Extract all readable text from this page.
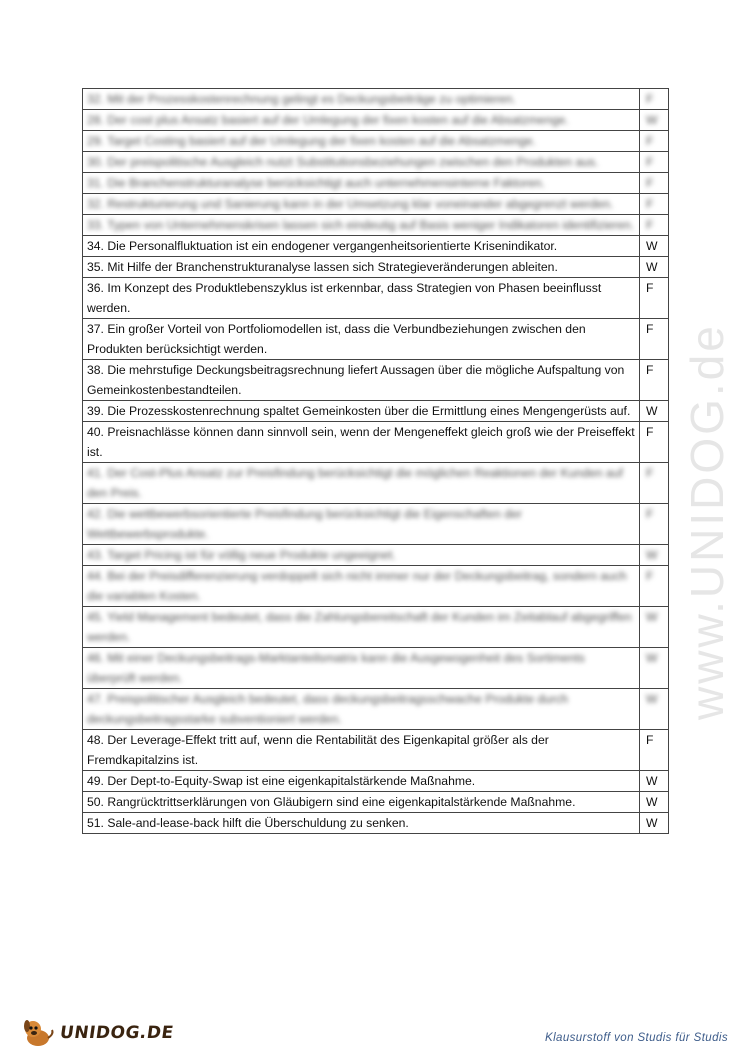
www.UNIDOG.de
32. Mit der Prozesskostenrechnung gelingt es Deckungsbeiträge zu optimieren.	F
28. Der cost plus Ansatz basiert auf der Umlegung der fixen kosten auf die Absatzmenge.	W
29. Target Costing basiert auf der Umlegung der fixen kosten auf die Absatzmenge.	F
30. Der preispolitische Ausgleich nutzt Substitutionsbeziehungen zwischen den Produkten aus.	F
31. Die Branchenstrukturanalyse berücksichtigt auch unternehmensinterne Faktoren.	F
32. Restrukturierung und Sanierung kann in der Umsetzung klar voneinander abgegrenzt werden.	F
33. Typen von Unternehmenskrisen lassen sich eindeutig auf Basis weniger Indikatoren identifizieren.	F
34. Die Personalfluktuation ist ein endogener vergangenheitsorientierte Krisenindikator.	W
35. Mit Hilfe der Branchenstrukturanalyse lassen sich Strategieveränderungen ableiten.	W
36. Im Konzept des Produktlebenszyklus ist erkennbar, dass Strategien von Phasen beeinflusst werden.	F
37. Ein großer Vorteil von Portfoliomodellen ist, dass die Verbundbeziehungen zwischen den Produkten berücksichtigt werden.	F
38. Die mehrstufige Deckungsbeitragsrechnung liefert Aussagen über die mögliche Aufspaltung von Gemeinkostenbestandteilen.	F
39. Die Prozesskostenrechnung spaltet Gemeinkosten über die Ermittlung eines Mengengerüsts auf.	W
40. Preisnachlässe können dann sinnvoll sein, wenn der Mengeneffekt gleich groß wie der Preiseffekt ist.	F
41. Der Cost-Plus Ansatz zur Preisfindung berücksichtigt die möglichen Reaktionen der Kunden auf den Preis.	F
42. Die wettbewerbsorientierte Preisfindung berücksichtigt die Eigenschaften der Wettbewerbsprodukte.	F
43. Target Pricing ist für völlig neue Produkte ungeeignet.	W
44. Bei der Preisdifferenzierung verdoppelt sich nicht immer nur der Deckungsbeitrag, sondern auch die variablen Kosten.	F
45. Yield Management bedeutet, dass die Zahlungsbereitschaft der Kunden im Zeitablauf abgegriffen werden.	W
46. Mit einer Deckungsbeitrags-Marktanteilsmatrix kann die Ausgewogenheit des Sortiments überprüft werden.	W
47. Preispolitischer Ausgleich bedeutet, dass deckungsbeitragsschwache Produkte durch deckungsbeitragsstarke subventioniert werden.	W
48. Der Leverage-Effekt tritt auf, wenn die Rentabilität des Eigenkapital größer als der Fremdkapitalzins ist.	F
49. Der Dept-to-Equity-Swap ist eine eigenkapitalstärkende Maßnahme.	W
50. Rangrücktrittserklärungen von Gläubigern sind eine eigenkapitalstärkende Maßnahme.	W
51. Sale-and-lease-back hilft die Überschuldung zu senken.	W
UNIDOG.DE	Klausurstoff von Studis für Studis
